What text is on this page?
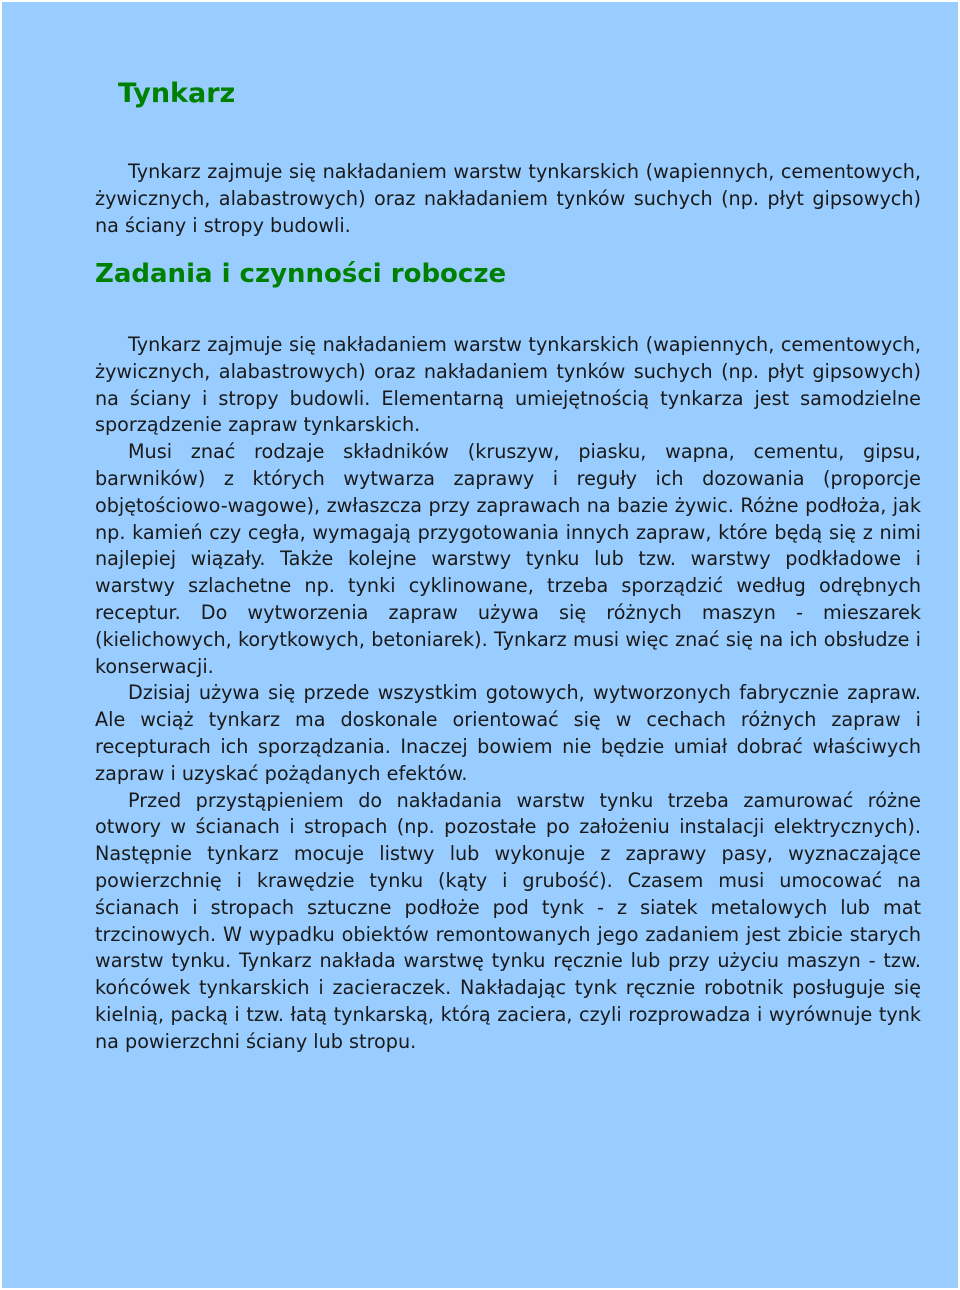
Tynkarz

Tynkarz zajmuje się nakładaniem warstw tynkarskich (wapiennych, cementowych, żywicznych, alabastrowych) oraz nakładaniem tynków suchych (np. płyt gipsowych) na ściany i stropy budowli.

Zadania i czynności robocze

Tynkarz zajmuje się nakładaniem warstw tynkarskich (wapiennych, cementowych, żywicznych, alabastrowych) oraz nakładaniem tynków suchych (np. płyt gipsowych) na ściany i stropy budowli. Elementarną umiejętnością tynkarza jest samodzielne sporządzenie zapraw tynkarskich.

Musi znać rodzaje składników (kruszyw, piasku, wapna, cementu, gipsu, barwników) z których wytwarza zaprawy i reguły ich dozowania (proporcje objętościowo-wagowe), zwłaszcza przy zaprawach na bazie żywic. Różne podłoża, jak np. kamień czy cegła, wymagają przygotowania innych zapraw, które będą się z nimi najlepiej wiązały. Także kolejne warstwy tynku lub tzw. warstwy podkładowe i warstwy szlachetne np. tynki cyklinowane, trzeba sporządzić według odrębnych receptur. Do wytworzenia zapraw używa się różnych maszyn - mieszarek (kielichowych, korytkowych, betoniarek). Tynkarz musi więc znać się na ich obsłudze i konserwacji.

Dzisiaj używa się przede wszystkim gotowych, wytworzonych fabrycznie zapraw. Ale wciąż tynkarz ma doskonale orientować się w cechach różnych zapraw i recepturach ich sporządzania. Inaczej bowiem nie będzie umiał dobrać właściwych zapraw i uzyskać pożądanych efektów.

Przed przystąpieniem do nakładania warstw tynku trzeba zamurować różne otwory w ścianach i stropach (np. pozostałe po założeniu instalacji elektrycznych). Następnie tynkarz mocuje listwy lub wykonuje z zaprawy pasy, wyznaczające powierzchnię i krawędzie tynku (kąty i grubość). Czasem musi umocować na ścianach i stropach sztuczne podłoże pod tynk - z siatek metalowych lub mat trzcinowych. W wypadku obiektów remontowanych jego zadaniem jest zbicie starych warstw tynku. Tynkarz nakłada warstwę tynku ręcznie lub przy użyciu maszyn - tzw. końcówek tynkarskich i zacieraczek. Nakładając tynk ręcznie robotnik posługuje się kielnią, packą i tzw. łatą tynkarską, którą zaciera, czyli rozprowadza i wyrównuje tynk na powierzchni ściany lub stropu.
